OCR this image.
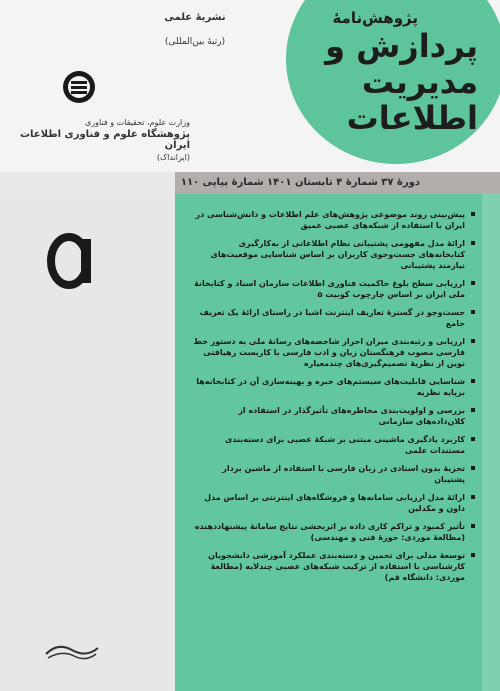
پژوهش‌نامهٔ
پردازش و
مدیریت
اطلاعات
نشریهٔ علمی
(رتبهٔ بین‌المللی)
وزارت علوم، تحقیقات و فناوری
پژوهشگاه علوم و فناوری اطلاعات ایران
(ایرانداک)
دورهٔ ۳۷ شمارهٔ ۴ تابستان ۱۴۰۱ شمارهٔ پیاپی ۱۱۰
پیش‌بینی روند موضوعی پژوهش‌های علم اطلاعات و دانش‌شناسی در ایران با استفاده از شبکه‌های عصبی عمیق
ارائهٔ مدل مفهومی پشتیبانی نظام اطلاعاتی از به‌کارگیری کتابخانه‌های جست‌وجوی کاربران بر اساس شناسایی موقعیت‌های نیازمند پشتیبانی
ارزیابی سطح بلوغ حاکمیت فناوری اطلاعات سازمان اسناد و کتابخانهٔ ملی ایران بر اساس چارچوب کوبیت ۵
جست‌وجو در گسترهٔ تعاریف اینترنت اشیا در راستای ارائهٔ یک تعریف جامع
ارزیابی و رتبه‌بندی میزان احراز شاخصه‌های رسانهٔ ملی به دستور خط فارسی مصوب فرهنگستان زبان و ادب فارسی با کاربست رهیافتی نوین از نظریهٔ تصمیم‌گیری‌های چندمعیاره
شناسایی قابلیت‌های سیستم‌های خبره و بهینه‌سازی آن در کتابخانه‌ها برپایه نظریه
بررسی و اولویت‌بندی مخاطره‌های تأثیرگذار در استفاده از کلان‌داده‌های سازمانی
کاربرد یادگیری ماشینی مبتنی بر شبکهٔ عصبی برای دسته‌بندی مستندات علمی
تجزیهٔ بدون استادی در زبان فارسی با استفاده از ماشین بردار پشتیبان
ارائهٔ مدل ارزیابی سامانه‌ها و فروشگاه‌های اینترنتی بر اساس مدل داون و مکدلین
تأثیر کمبود و تراکم کاری داده بر اثربخشی نتایج سامانهٔ پیشنهاددهنده (مطالعهٔ موردی: حوزهٔ فنی و مهندسی)
توسعهٔ مدلی برای تخمین و دسته‌بندی عملکرد آموزشی دانشجویان کارشناسی با استفاده از ترکیب شبکه‌های عصبی چندلایه (مطالعهٔ موردی: دانشگاه قم)
